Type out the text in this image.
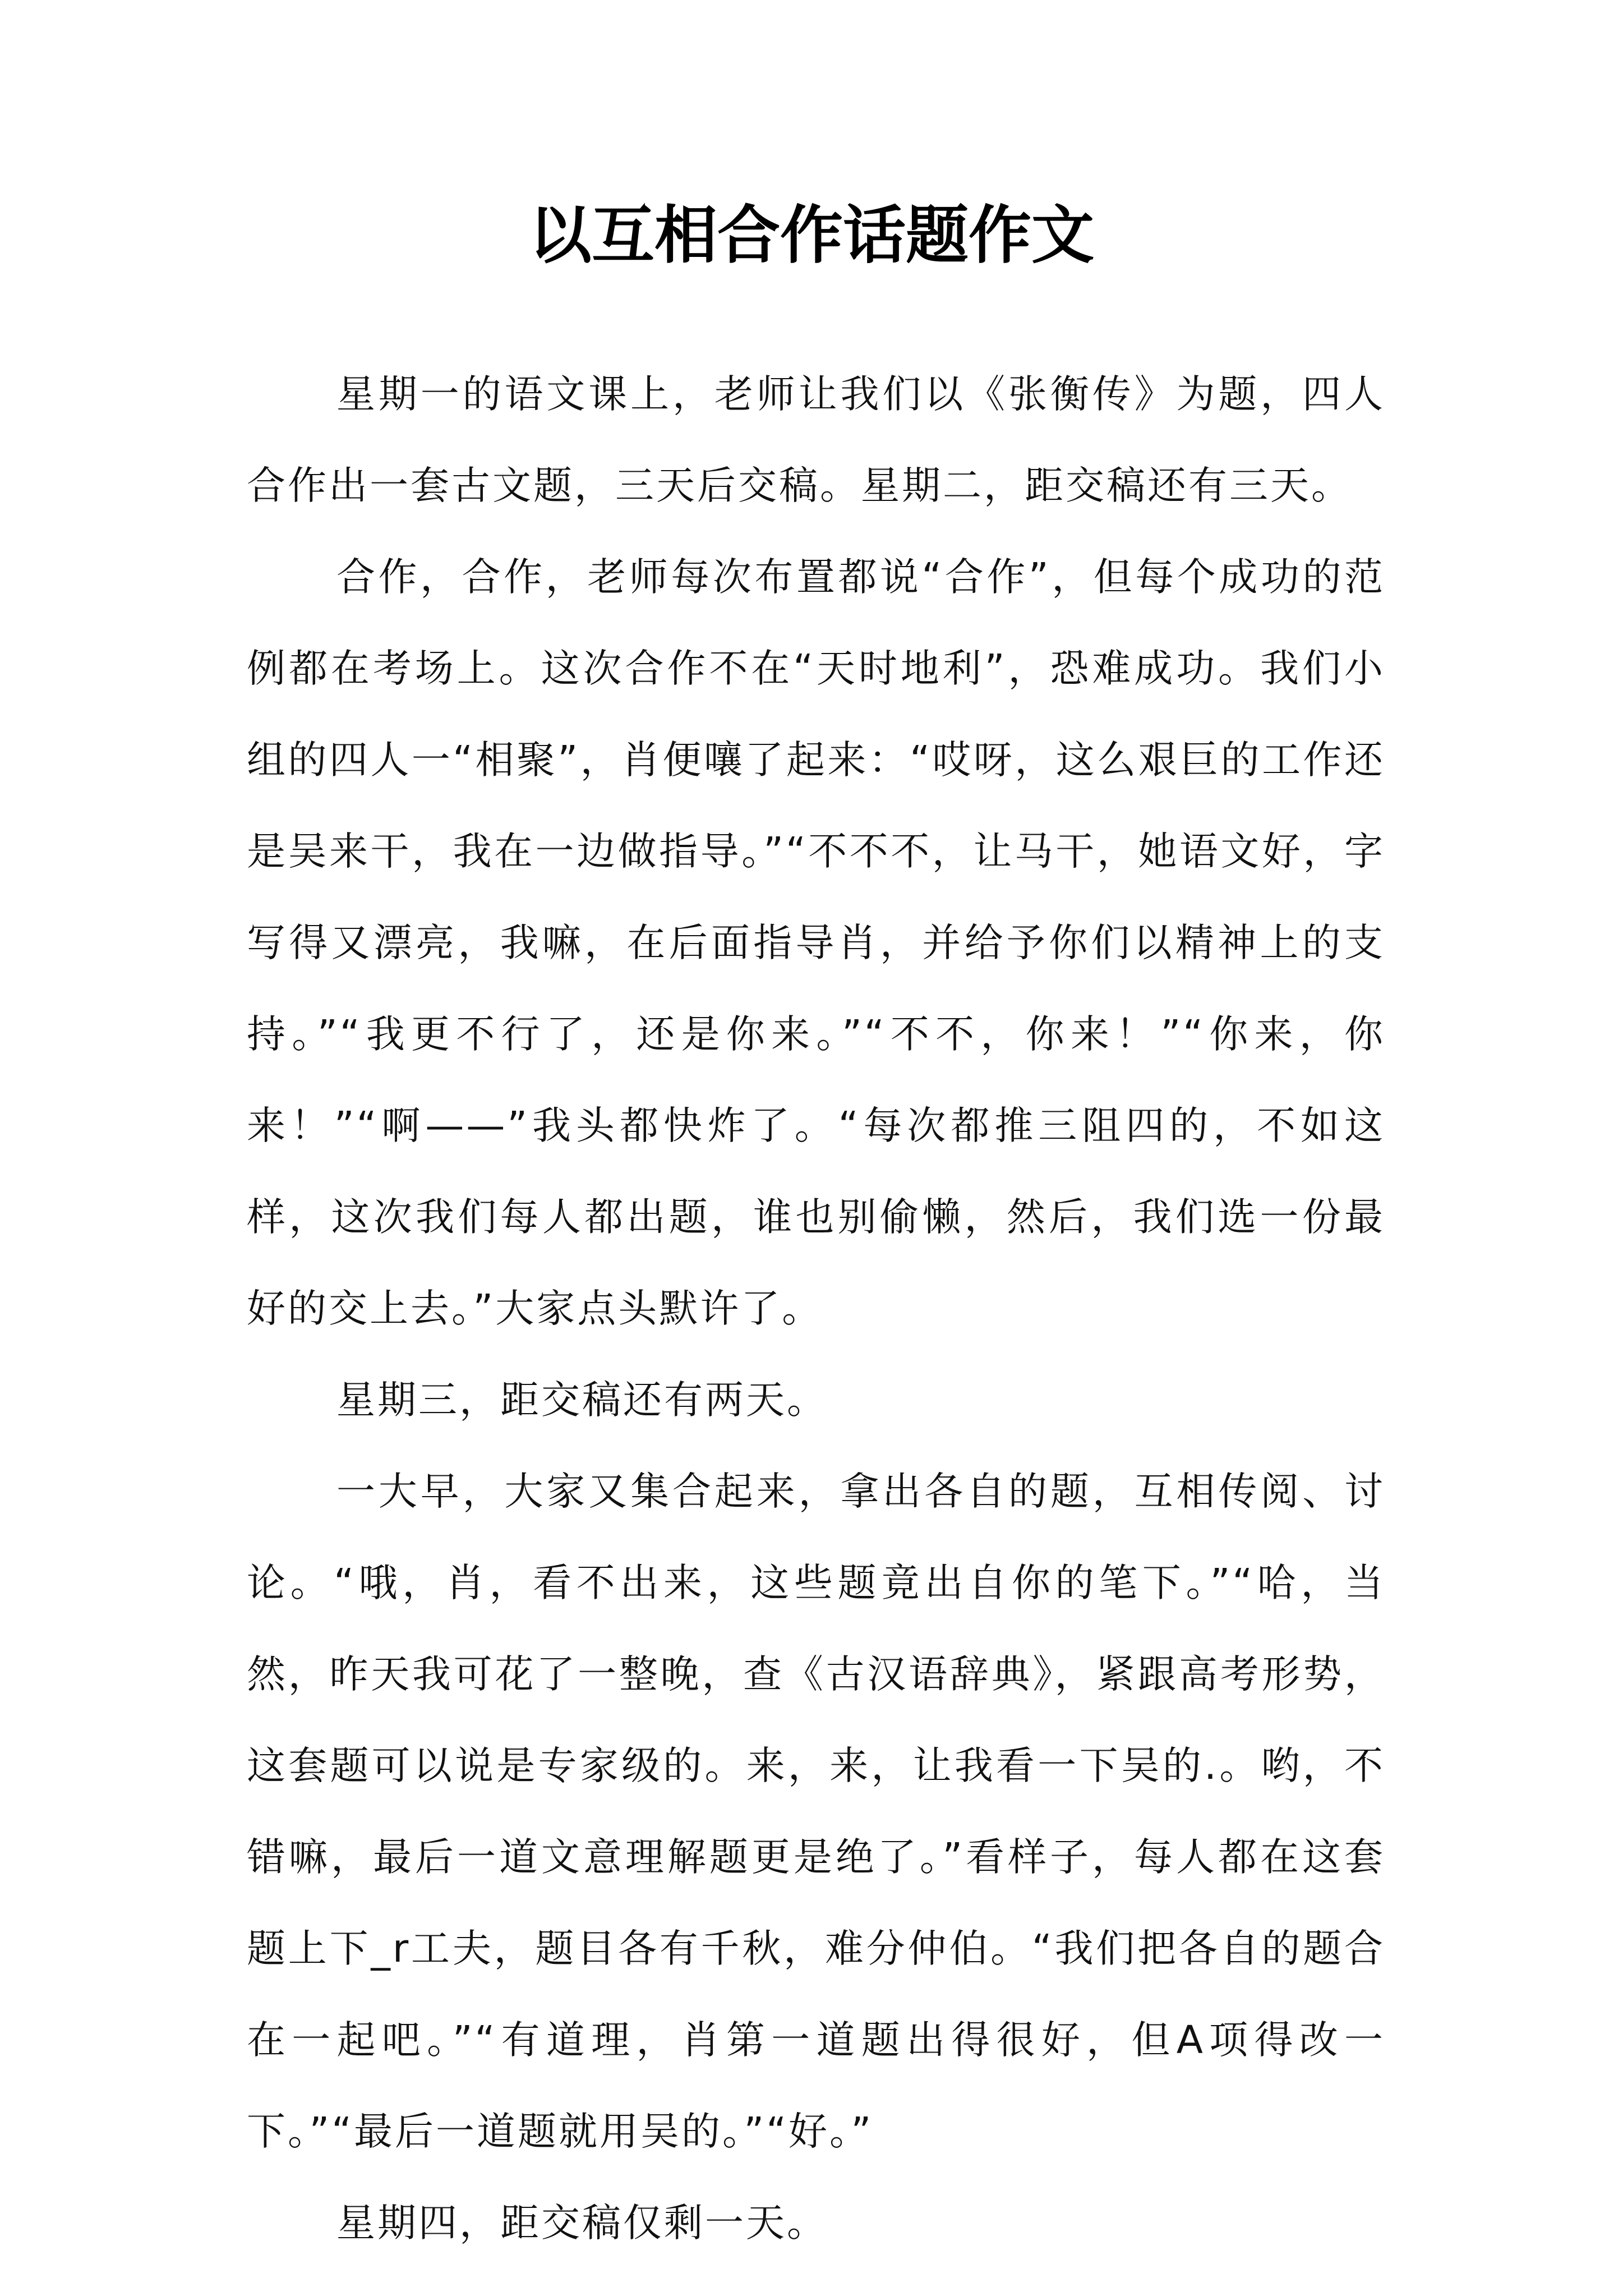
以互相合作话题作文

星期一的语文课上，老师让我们以《张衡传》为题，四人合作出一套古文题，三天后交稿。星期二，距交稿还有三天。

合作，合作，老师每次布置都说“合作”，但每个成功的范例都在考场上。这次合作不在“天时地利”，恐难成功。我们小组的四人一“相聚”，肖便嚷了起来：“哎呀，这么艰巨的工作还是吴来干，我在一边做指导。”“不不不，让马干，她语文好，字写得又漂亮，我嘛，在后面指导肖，并给予你们以精神上的支持。”“我更不行了，还是你来。”“不不，你来！”“你来，你来！”“啊——”我头都快炸了。“每次都推三阻四的，不如这样，这次我们每人都出题，谁也别偷懒，然后，我们选一份最好的交上去。”大家点头默许了。

星期三，距交稿还有两天。

一大早，大家又集合起来，拿出各自的题，互相传阅、讨论。“哦，肖，看不出来，这些题竟出自你的笔下。”“哈，当然，昨天我可花了一整晚，查《古汉语辞典》，紧跟高考形势，这套题可以说是专家级的。来，来，让我看一下吴的.。哟，不错嘛，最后一道文意理解题更是绝了。”看样子，每人都在这套题上下_r工夫，题目各有千秋，难分仲伯。“我们把各自的题合在一起吧。”“有道理，肖第一道题出得很好，但A项得改一下。”“最后一道题就用吴的。”“好。”

星期四，距交稿仅剩一天。
